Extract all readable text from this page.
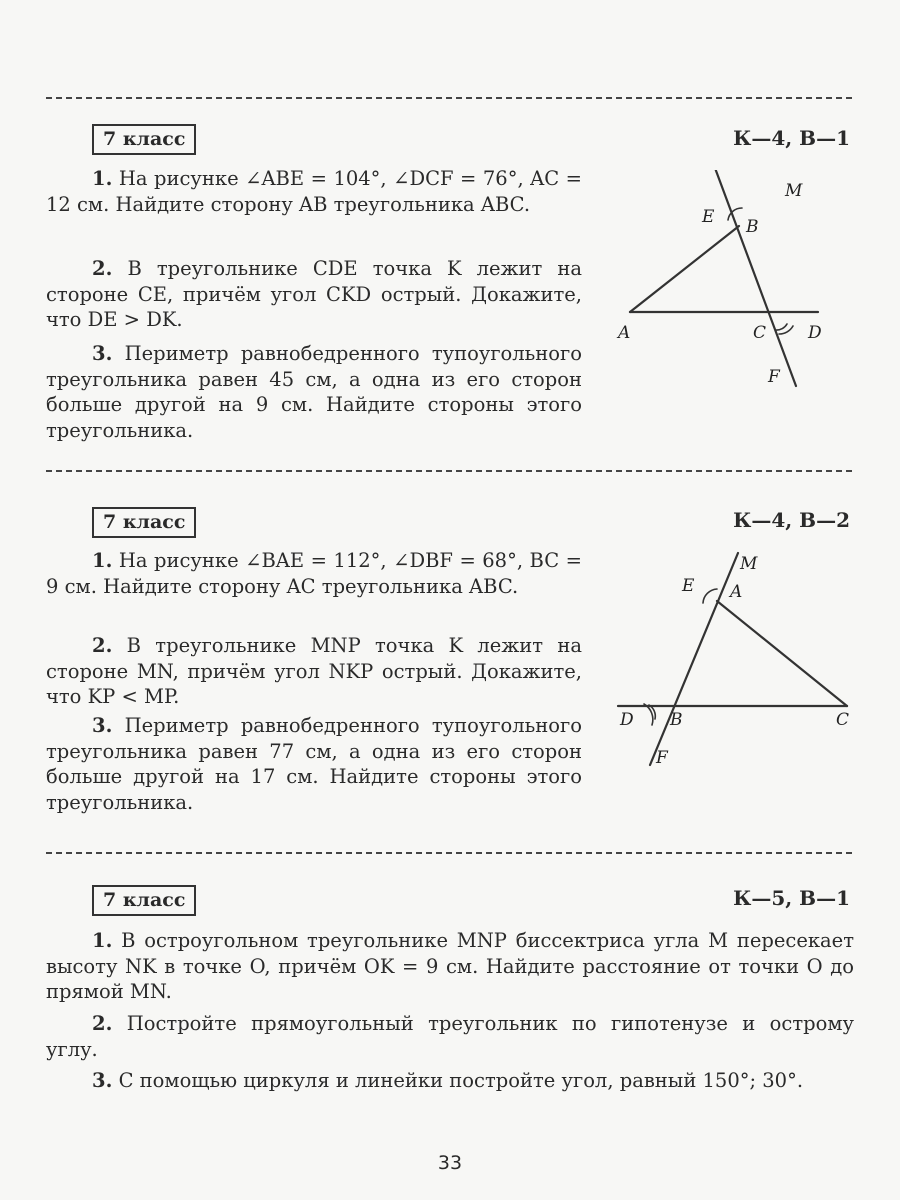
7 класс	К—4, В—1

1. На рисунке ∠ABE = 104°, ∠DCF = 76°, AC = 12 см. Найдите сторону AB треугольника ABC.

2. В треугольнике CDE точка K лежит на стороне CE, причём угол CKD острый. Докажите, что DE > DK.

3. Периметр равнобедренного тупоугольного треугольника равен 45 см, а одна из его сторон больше другой на 9 см. Найдите стороны этого треугольника.

M
E B
A	C D
F
7 класс	К—4, В—2

1. На рисунке ∠BAE = 112°, ∠DBF = 68°, BC = 9 см. Найдите сторону AC треугольника ABC.

2. В треугольнике MNP точка K лежит на стороне MN, причём угол NKP острый. Докажите, что KP < MP.

3. Периметр равнобедренного тупоугольного треугольника равен 77 см, а одна из его сторон больше другой на 17 см. Найдите стороны этого треугольника.

M
E A
D B	C
F
7 класс	К—5, В—1

1. В остроугольном треугольнике MNP биссектриса угла M пересекает высоту NK в точке O, причём OK = 9 см. Найдите расстояние от точки O до прямой MN.

2. Постройте прямоугольный треугольник по гипотенузе и острому углу.

3. С помощью циркуля и линейки постройте угол, равный 150°; 30°.

33
